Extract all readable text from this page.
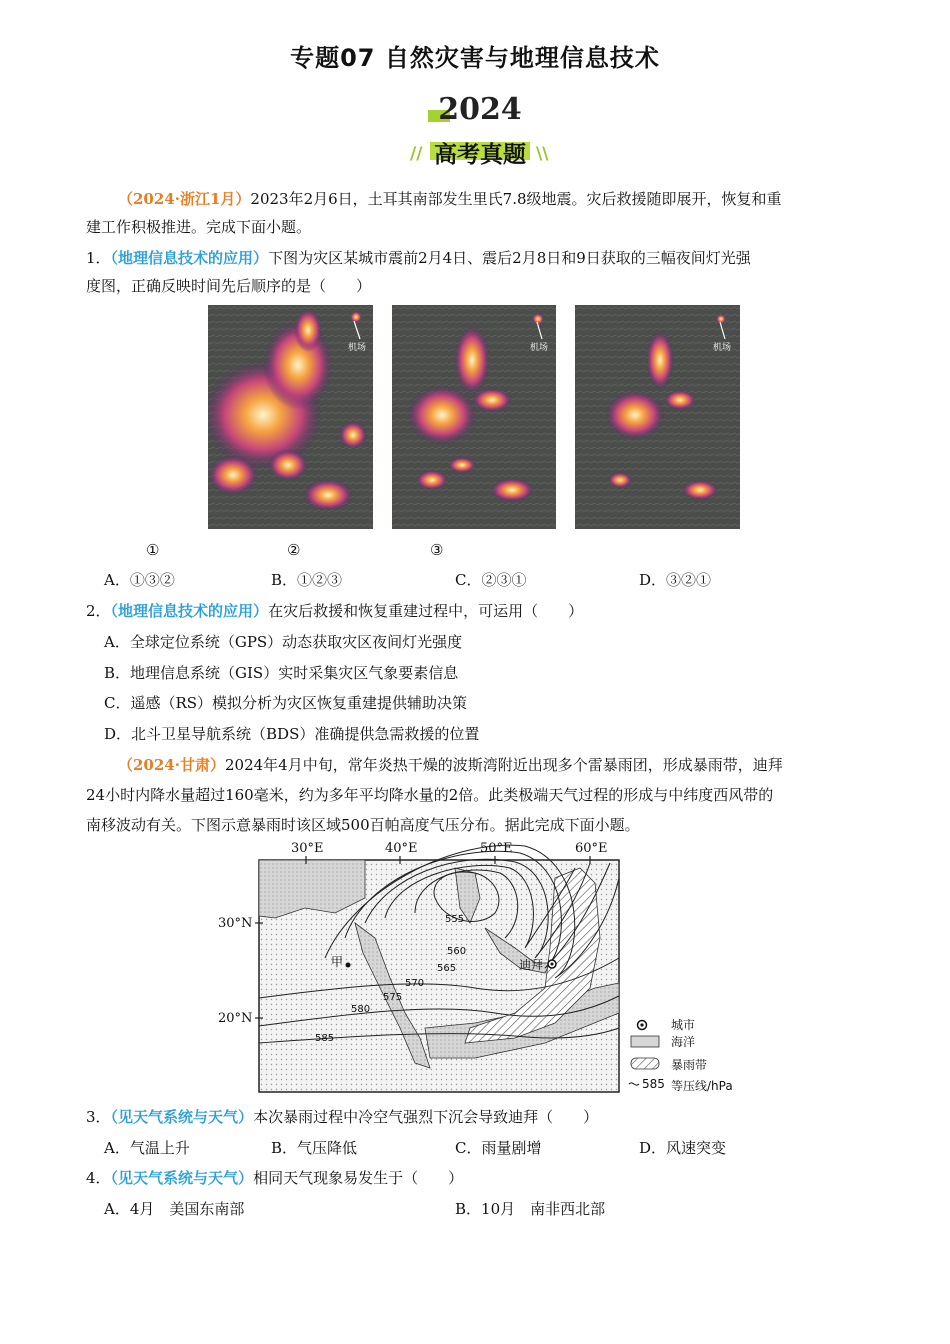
专题07 自然灾害与地理信息技术
2024
// 高考真题 \\
（2024·浙江1月）2023年2月6日，土耳其南部发生里氏7.8级地震。灾后救援随即展开，恢复和重
建工作积极推进。完成下面小题。
1．（地理信息技术的应用）下图为灾区某城市震前2月4日、震后2月8日和9日获取的三幅夜间灯光强
度图，正确反映时间先后顺序的是（　　）
机场	机场	机场
①	②	③
A．①③②	B．①②③	C．②③①	D．③②①
2．（地理信息技术的应用）在灾后救援和恢复重建过程中，可运用（　　）
A．全球定位系统（GPS）动态获取灾区夜间灯光强度
B．地理信息系统（GIS）实时采集灾区气象要素信息
C．遥感（RS）模拟分析为灾区恢复重建提供辅助决策
D．北斗卫星导航系统（BDS）准确提供急需救援的位置
（2024·甘肃）2024年4月中旬，常年炎热干燥的波斯湾附近出现多个雷暴雨团，形成暴雨带，迪拜
24小时内降水量超过160毫米，约为多年平均降水量的2倍。此类极端天气过程的形成与中纬度西风带的
南移波动有关。下图示意暴雨时该区域500百帕高度气压分布。据此完成下面小题。
30°E	40°E	50°E	60°E
30°N
20°N
555
560
565
570
575
580
585
甲	迪拜
城市
海洋
暴雨带
585 等压线/hPa
3．（见天气系统与天气）本次暴雨过程中冷空气强烈下沉会导致迪拜（　　）
A．气温上升	B．气压降低	C．雨量剧增	D．风速突变
4．（见天气系统与天气）相同天气现象易发生于（　　）
A．4月　美国东南部	B．10月　南非西北部
